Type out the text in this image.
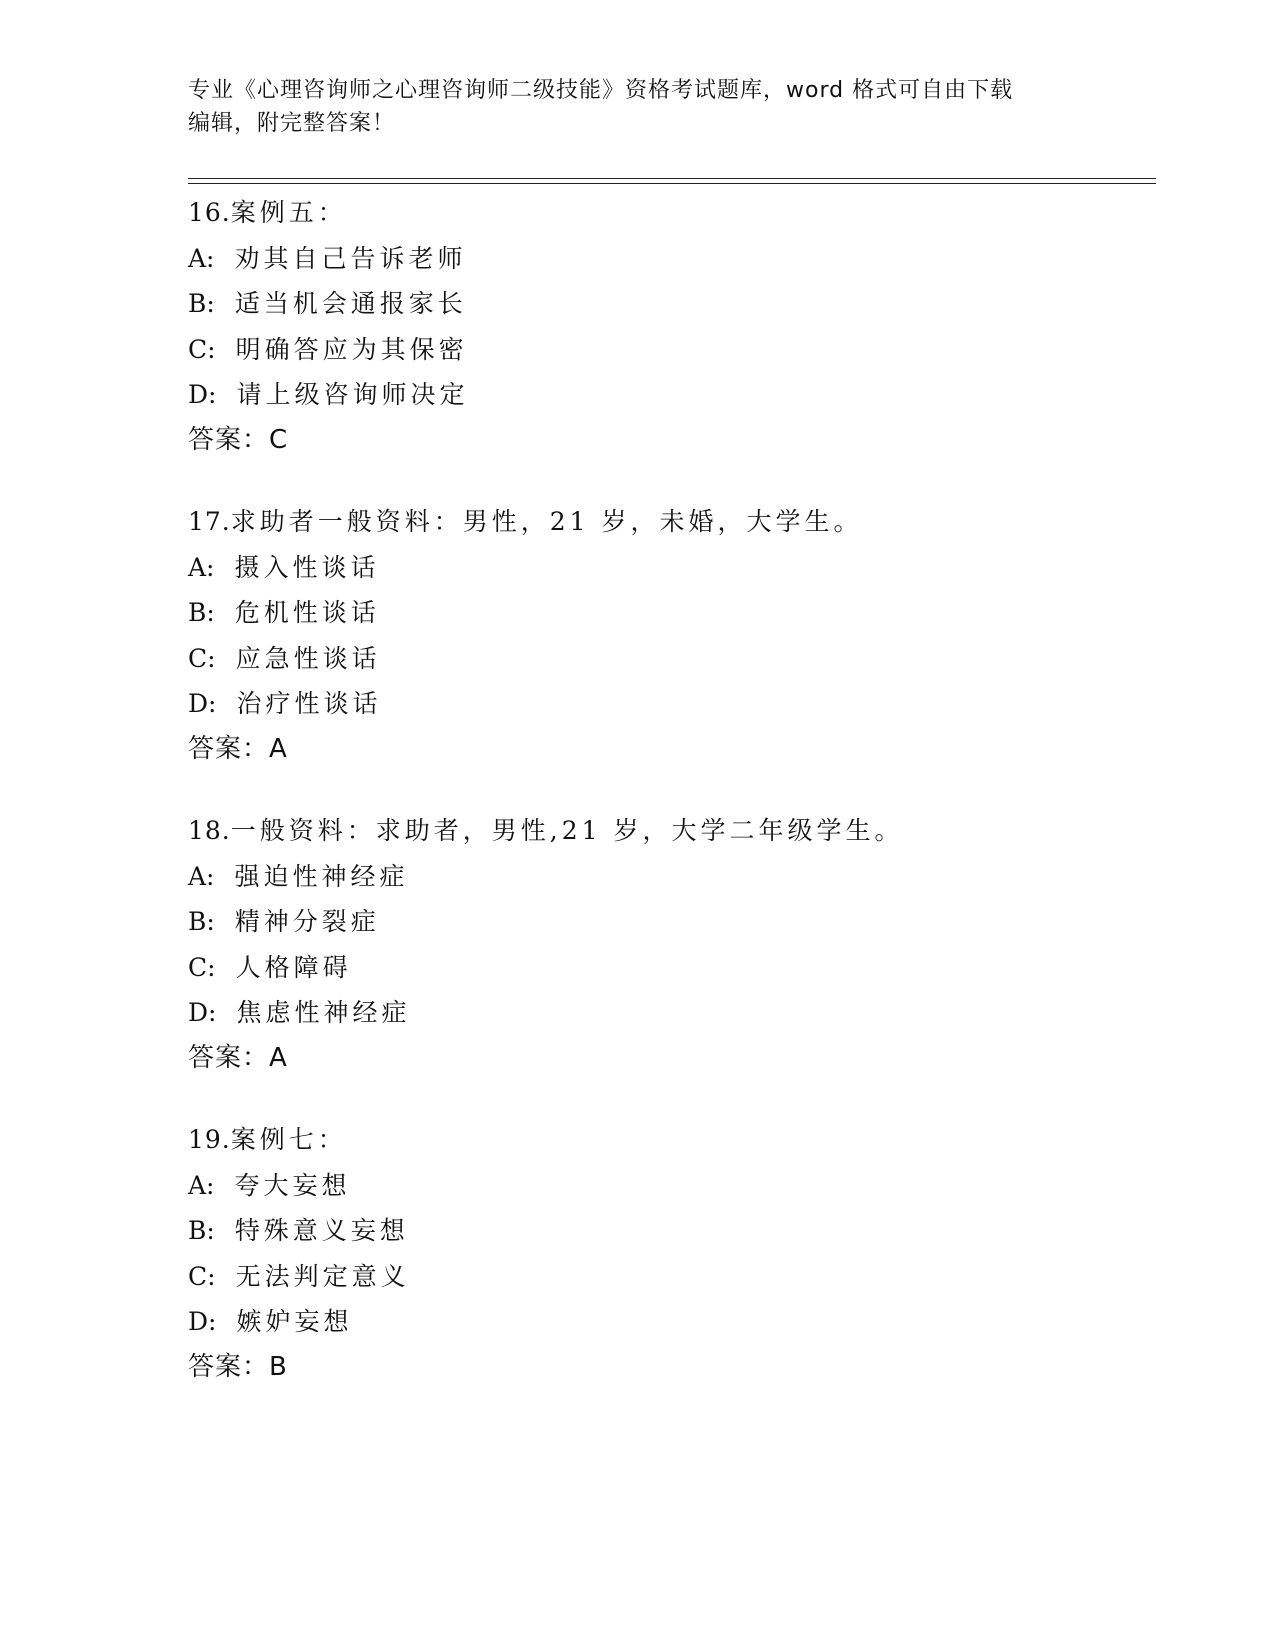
专业《心理咨询师之心理咨询师二级技能》资格考试题库，word 格式可自由下载
编辑，附完整答案！
16.案例五：
A: 劝其自己告诉老师
B: 适当机会通报家长
C: 明确答应为其保密
D: 请上级咨询师决定
答案：C
17.求助者一般资料：男性，21 岁，未婚，大学生。
A: 摄入性谈话
B: 危机性谈话
C: 应急性谈话
D: 治疗性谈话
答案：A
18.一般资料：求助者，男性,21 岁，大学二年级学生。
A: 强迫性神经症
B: 精神分裂症
C: 人格障碍
D: 焦虑性神经症
答案：A
19.案例七：
A: 夸大妄想
B: 特殊意义妄想
C: 无法判定意义
D: 嫉妒妄想
答案：B
